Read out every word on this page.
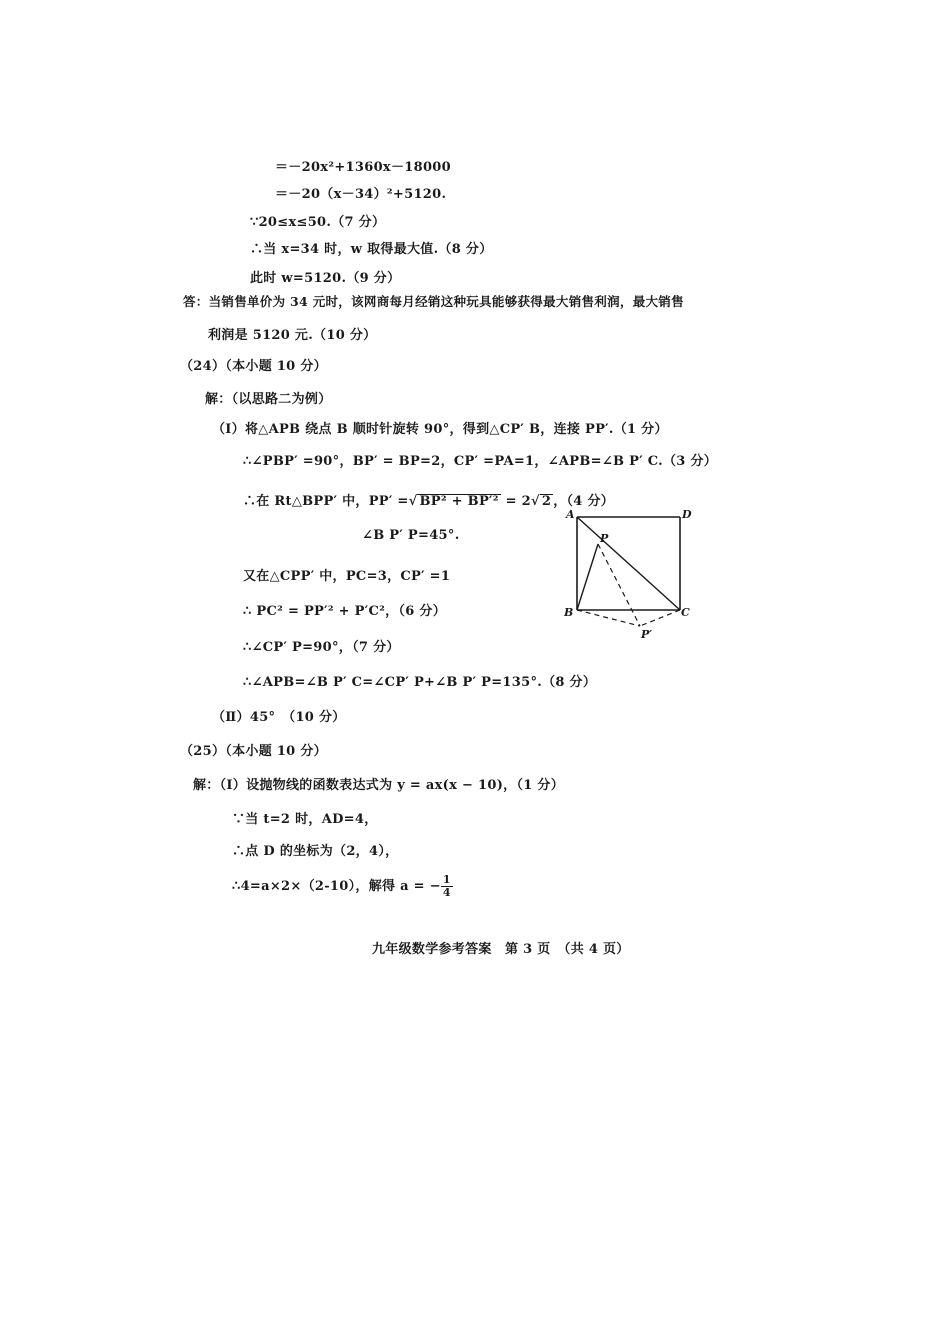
＝－20x²+1360x－18000
＝－20（x－34）²+5120.
∵20≤x≤50.（7 分）
∴当 x=34 时，w 取得最大值.（8 分）
此时 w=5120.（9 分）
答：当销售单价为 34 元时，该网商每月经销这种玩具能够获得最大销售利润，最大销售
利润是 5120 元.（10 分）
（24）（本小题 10 分）
解：（以思路二为例）
（Ⅰ）将△APB 绕点 B 顺时针旋转 90°，得到△CP′ B，连接 PP′.（1 分）
∴∠PBP′ =90°，BP′ = BP=2，CP′ =PA=1，∠APB=∠B P′ C.（3 分）
∴在 Rt△BPP′ 中，PP′ =√ BP² + BP′² = 2√ 2 ，（4 分）
∠B P′ P=45°.
又在△CPP′ 中，PC=3，CP′ =1
∴ PC² = PP′² + P′C²，（6 分）
∴∠CP′ P=90°，（7 分）
∴∠APB=∠B P′ C=∠CP′ P+∠B P′ P=135°.（8 分）
（Ⅱ）45°　（10 分）
（25）（本小题 10 分）
解：（Ⅰ）设抛物线的函数表达式为 y = ax(x − 10)，（1 分）
∵当 t=2 时，AD=4，
∴点 D 的坐标为（2，4），
∴4=a×2×（2-10），解得 a = − $\frac{1}{4}$
A	D
P
B	C
P′
九年级数学参考答案　第 3 页　（共 4 页）
